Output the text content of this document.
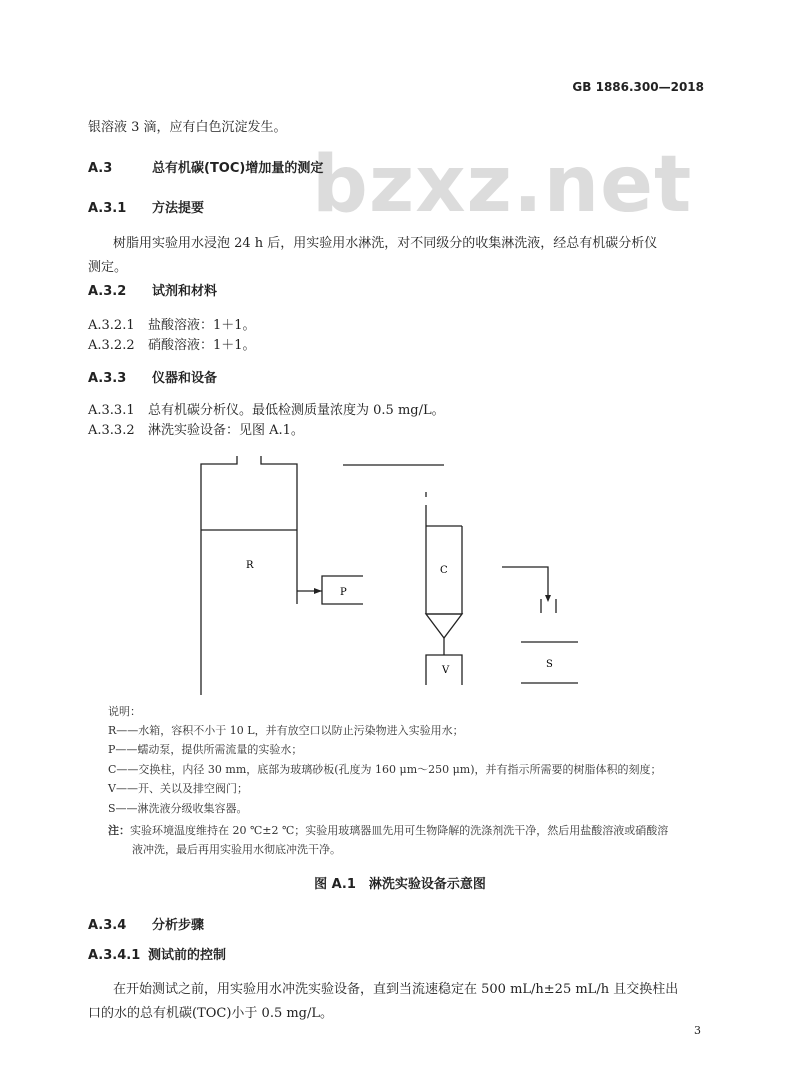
GB 1886.300—2018
bzxz.net
银溶液 3 滴，应有白色沉淀发生。
A.3	总有机碳(TOC)增加量的测定
A.3.1 方法提要
树脂用实验用水浸泡 24 h 后，用实验用水淋洗，对不同级分的收集淋洗液，经总有机碳分析仪
测定。
A.3.2 试剂和材料
A.3.2.1 盐酸溶液：1＋1。
A.3.2.2 硝酸溶液：1＋1。
A.3.3 仪器和设备
A.3.3.1 总有机碳分析仪。最低检测质量浓度为 0.5 mg/L。
A.3.3.2 淋洗实验设备：见图 A.1。
R
P
C
V
S
说明：
R——水箱，容积不小于 10 L，并有放空口以防止污染物进入实验用水；
P——蠕动泵，提供所需流量的实验水；
C——交换柱，内径 30 mm，底部为玻璃砂板(孔度为 160 μm～250 μm)，并有指示所需要的树脂体积的刻度；
V——开、关以及排空阀门；
S——淋洗液分级收集容器。
注：实验环境温度维持在 20 ℃±2 ℃；实验用玻璃器皿先用可生物降解的洗涤剂洗干净，然后用盐酸溶液或硝酸溶
液冲洗，最后再用实验用水彻底冲洗干净。
图 A.1　淋洗实验设备示意图
A.3.4 分析步骤
A.3.4.1 测试前的控制
在开始测试之前，用实验用水冲洗实验设备，直到当流速稳定在 500 mL/h±25 mL/h 且交换柱出
口的水的总有机碳(TOC)小于 0.5 mg/L。
3
